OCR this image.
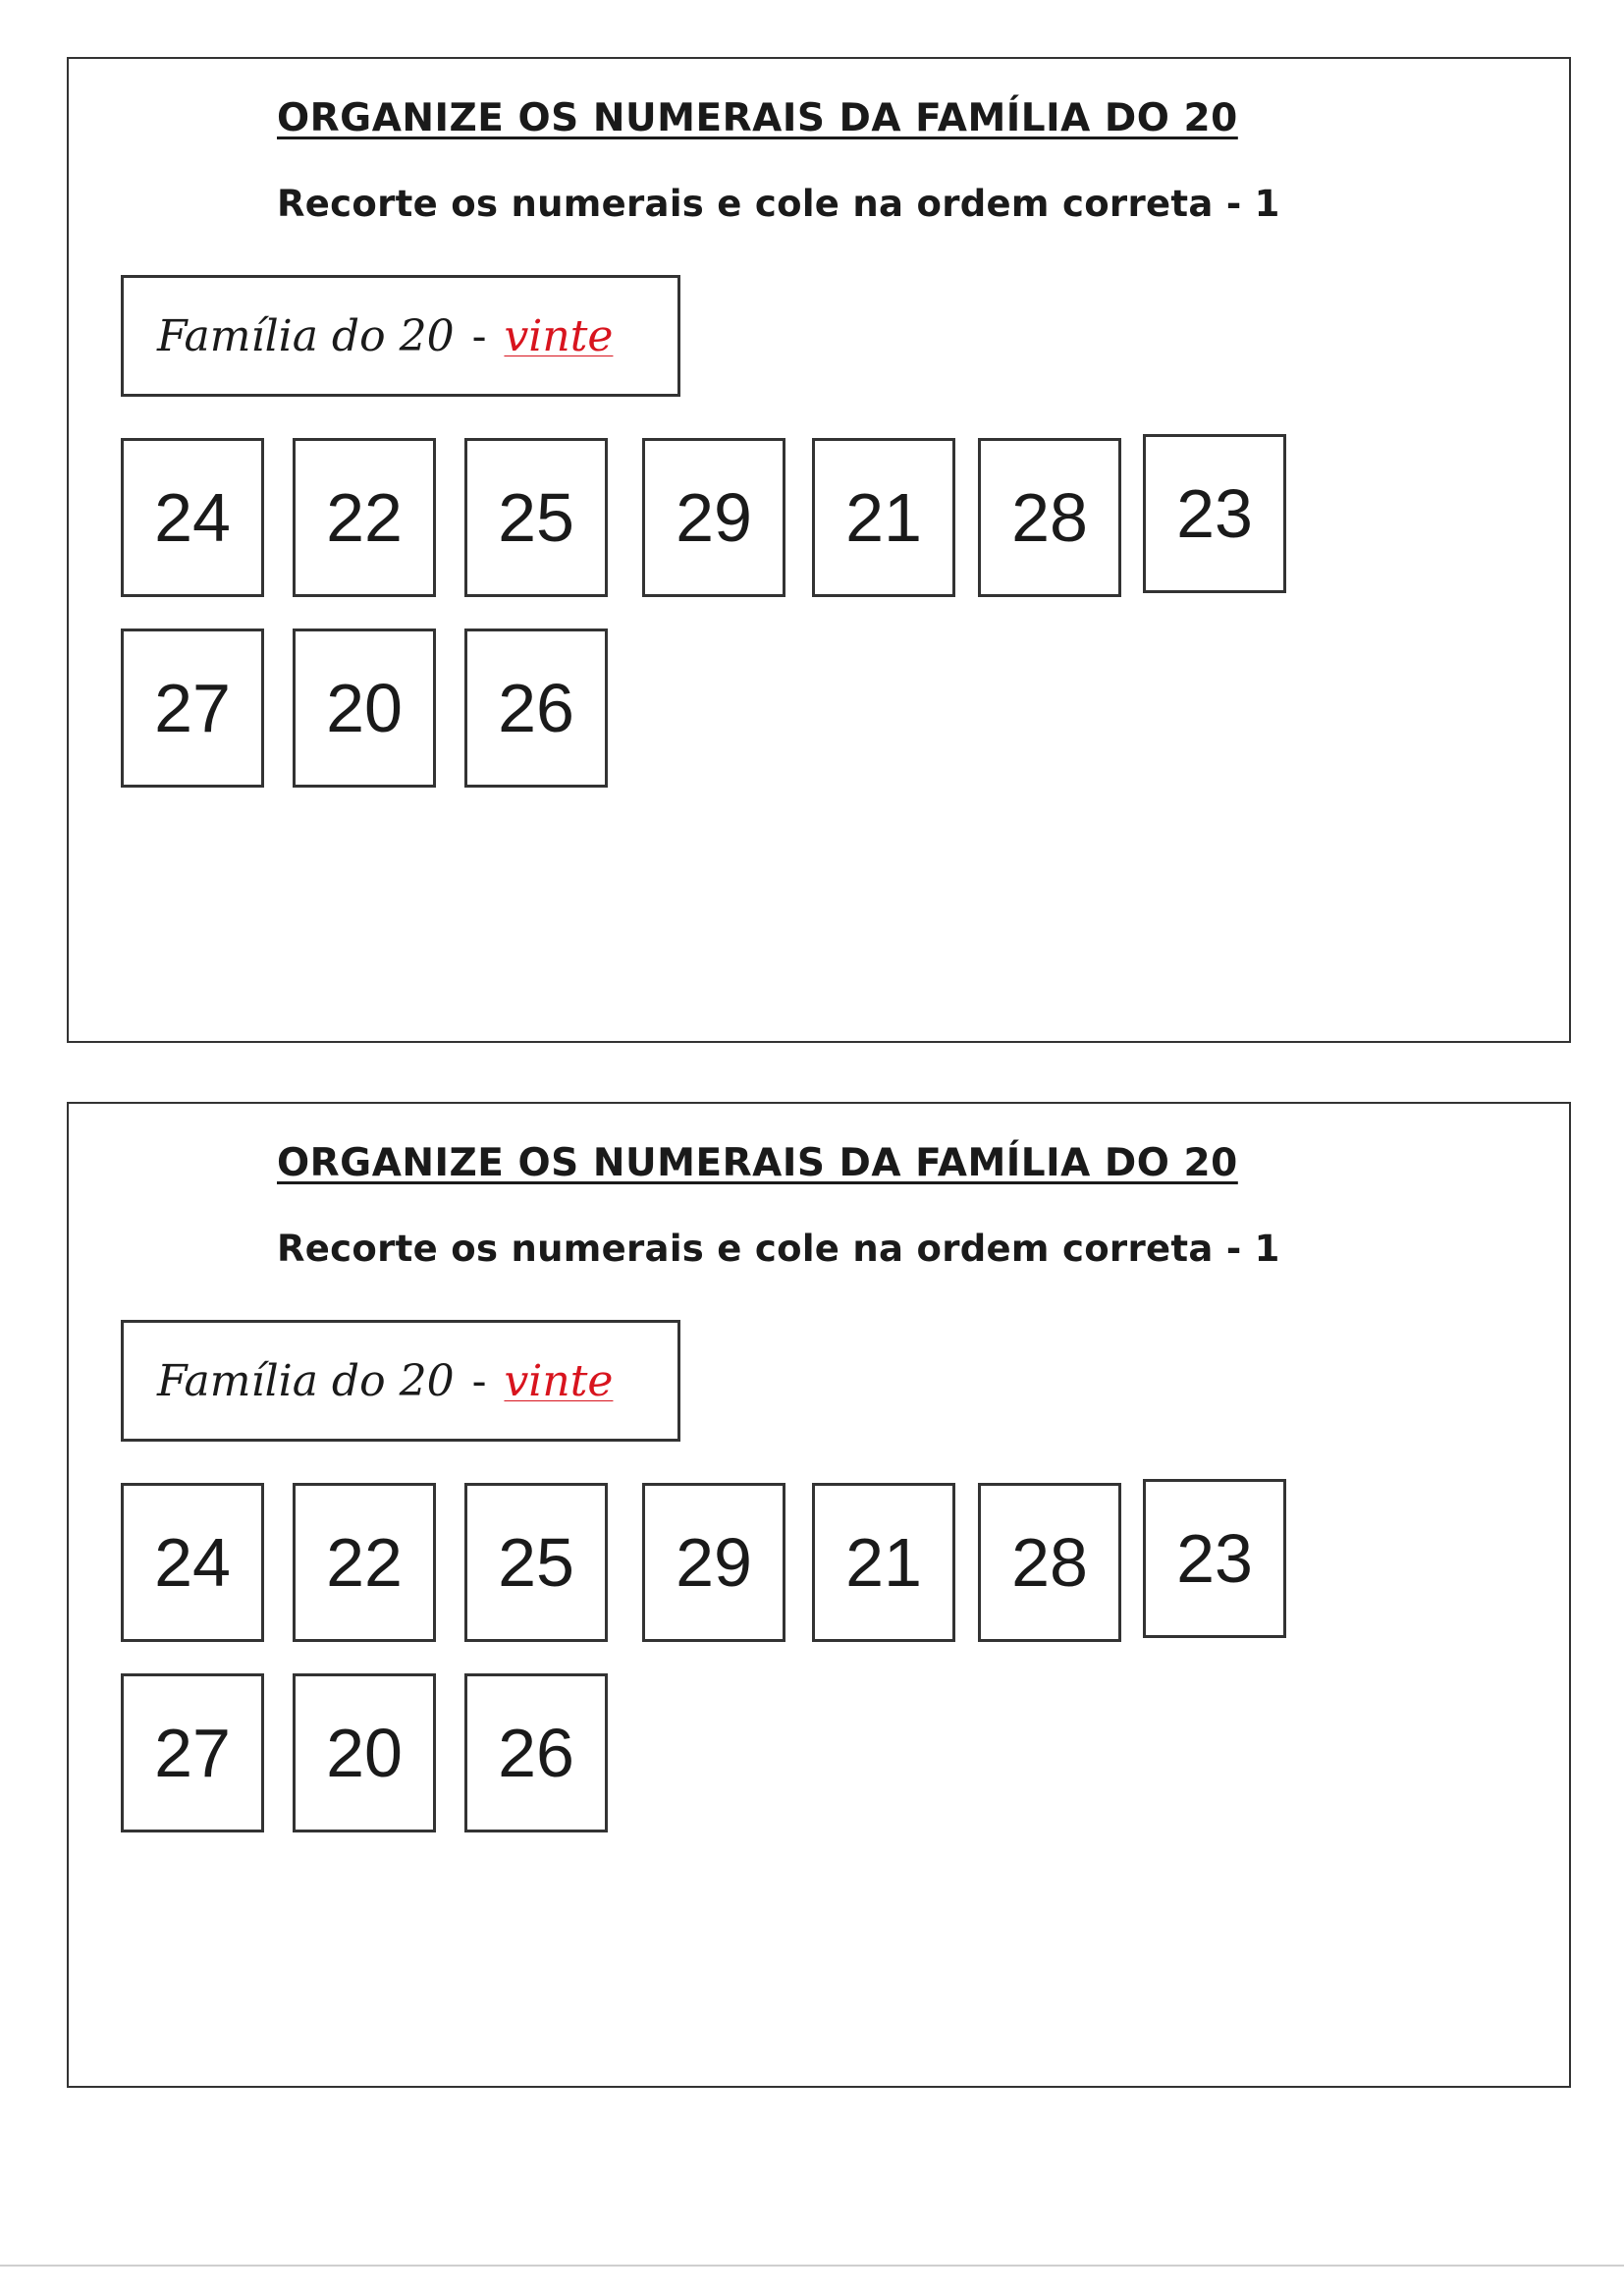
ORGANIZE OS NUMERAIS DA FAMÍLIA DO 20

Recorte os numerais e cole na ordem correta - 1

Família do 20 - vinte
24	22	25	29	21	28	23
27	20	26
ORGANIZE OS NUMERAIS DA FAMÍLIA DO 20

Recorte os numerais e cole na ordem correta - 1

Família do 20 - vinte
24	22	25	29	21	28	23
27	20	26
